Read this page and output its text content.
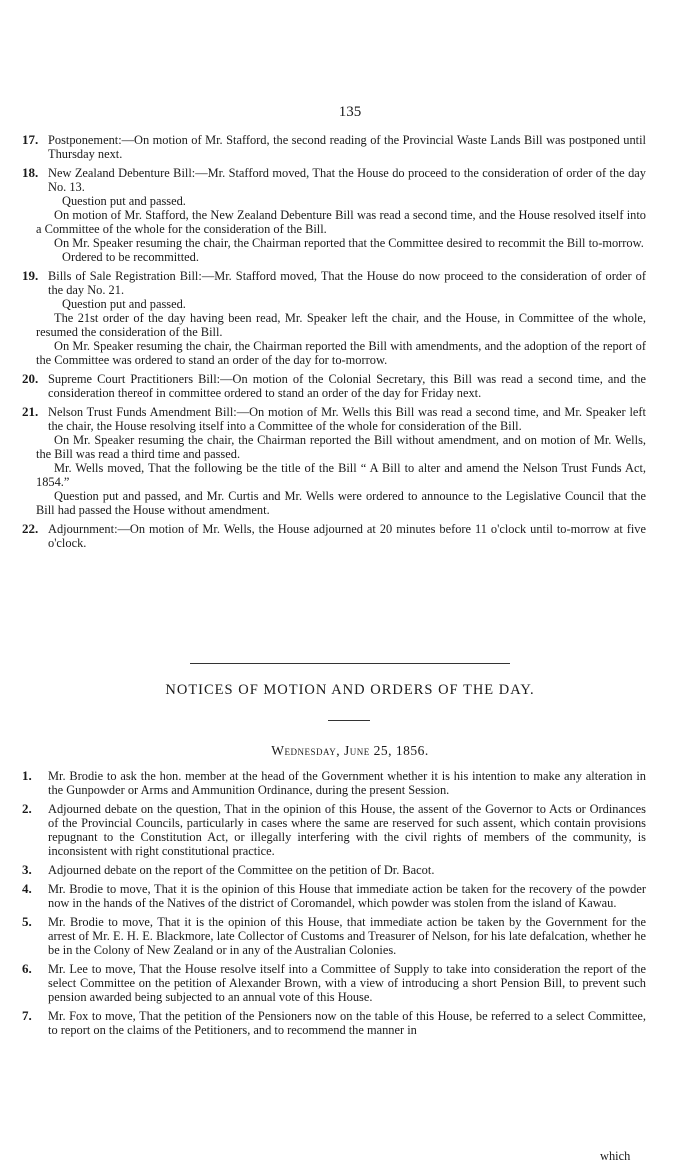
135
17. Postponement:—On motion of Mr. Stafford, the second reading of the Provincial Waste Lands Bill was postponed until Thursday next.

18. New Zealand Debenture Bill:—Mr. Stafford moved, That the House do proceed to the consideration of order of the day No. 13.

Question put and passed.

On motion of Mr. Stafford, the New Zealand Debenture Bill was read a second time, and the House resolved itself into a Committee of the whole for the consideration of the Bill.

On Mr. Speaker resuming the chair, the Chairman reported that the Committee desired to recommit the Bill to-morrow.

Ordered to be recommitted.

19. Bills of Sale Registration Bill:—Mr. Stafford moved, That the House do now proceed to the consideration of order of the day No. 21.

Question put and passed.

The 21st order of the day having been read, Mr. Speaker left the chair, and the House, in Committee of the whole, resumed the consideration of the Bill.

On Mr. Speaker resuming the chair, the Chairman reported the Bill with amendments, and the adoption of the report of the Committee was ordered to stand an order of the day for to-morrow.

20. Supreme Court Practitioners Bill:—On motion of the Colonial Secretary, this Bill was read a second time, and the consideration thereof in committee ordered to stand an order of the day for Friday next.

21. Nelson Trust Funds Amendment Bill:—On motion of Mr. Wells this Bill was read a second time, and Mr. Speaker left the chair, the House resolving itself into a Committee of the whole for consideration of the Bill.

On Mr. Speaker resuming the chair, the Chairman reported the Bill without amendment, and on motion of Mr. Wells, the Bill was read a third time and passed.

Mr. Wells moved, That the following be the title of the Bill “ A Bill to alter and amend the Nelson Trust Funds Act, 1854.”

Question put and passed, and Mr. Curtis and Mr. Wells were ordered to announce to the Legislative Council that the Bill had passed the House without amendment.

22. Adjournment:—On motion of Mr. Wells, the House adjourned at 20 minutes before 11 o'clock until to-morrow at five o'clock.

NOTICES OF MOTION AND ORDERS OF THE DAY.
Wednesday, June 25, 1856.
1. Mr. Brodie to ask the hon. member at the head of the Government whether it is his intention to make any alteration in the Gunpowder or Arms and Ammunition Ordinance, during the present Session.

2. Adjourned debate on the question, That in the opinion of this House, the assent of the Governor to Acts or Ordinances of the Provincial Councils, particularly in cases where the same are reserved for such assent, which contain provisions repugnant to the Constitution Act, or illegally interfering with the civil rights of members of the community, is inconsistent with right constitutional practice.

3. Adjourned debate on the report of the Committee on the petition of Dr. Bacot.

4. Mr. Brodie to move, That it is the opinion of this House that immediate action be taken for the recovery of the powder now in the hands of the Natives of the district of Coromandel, which powder was stolen from the island of Kawau.

5. Mr. Brodie to move, That it is the opinion of this House, that immediate action be taken by the Government for the arrest of Mr. E. H. E. Blackmore, late Collector of Customs and Treasurer of Nelson, for his late defalcation, whether he be in the Colony of New Zealand or in any of the Australian Colonies.

6. Mr. Lee to move, That the House resolve itself into a Committee of Supply to take into consideration the report of the select Committee on the petition of Alexander Brown, with a view of introducing a short Pension Bill, to prevent such pension awarded being subjected to an annual vote of this House.

7. Mr. Fox to move, That the petition of the Pensioners now on the table of this House, be referred to a select Committee, to report on the claims of the Petitioners, and to recommend the manner in

which
